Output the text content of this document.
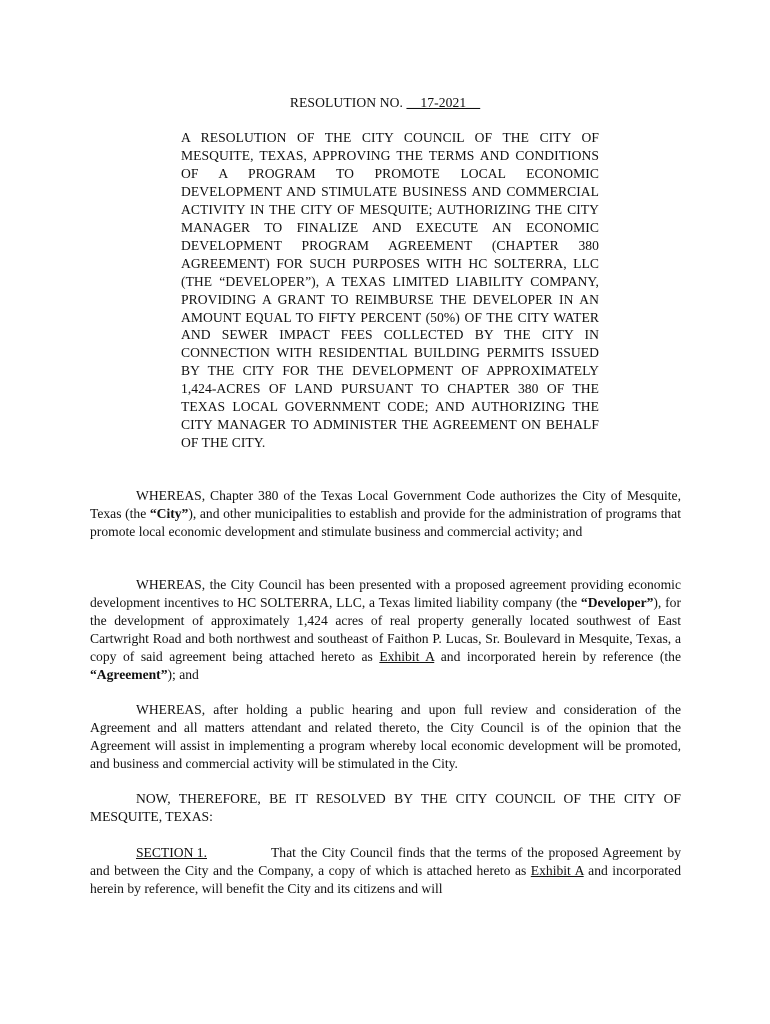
RESOLUTION NO. __17-2021__
A RESOLUTION OF THE CITY COUNCIL OF THE CITY OF MESQUITE, TEXAS, APPROVING THE TERMS AND CONDITIONS OF A PROGRAM TO PROMOTE LOCAL ECONOMIC DEVELOPMENT AND STIMULATE BUSINESS AND COMMERCIAL ACTIVITY IN THE CITY OF MESQUITE; AUTHORIZING THE CITY MANAGER TO FINALIZE AND EXECUTE AN ECONOMIC DEVELOPMENT PROGRAM AGREEMENT (CHAPTER 380 AGREEMENT) FOR SUCH PURPOSES WITH HC SOLTERRA, LLC (THE “DEVELOPER”), A TEXAS LIMITED LIABILITY COMPANY, PROVIDING A GRANT TO REIMBURSE THE DEVELOPER IN AN AMOUNT EQUAL TO FIFTY PERCENT (50%) OF THE CITY WATER AND SEWER IMPACT FEES COLLECTED BY THE CITY IN CONNECTION WITH RESIDENTIAL BUILDING PERMITS ISSUED BY THE CITY FOR THE DEVELOPMENT OF APPROXIMATELY 1,424-ACRES OF LAND PURSUANT TO CHAPTER 380 OF THE TEXAS LOCAL GOVERNMENT CODE; AND AUTHORIZING THE CITY MANAGER TO ADMINISTER THE AGREEMENT ON BEHALF OF THE CITY.

WHEREAS, Chapter 380 of the Texas Local Government Code authorizes the City of Mesquite, Texas (the “City”), and other municipalities to establish and provide for the administration of programs that promote local economic development and stimulate business and commercial activity; and

WHEREAS, the City Council has been presented with a proposed agreement providing economic development incentives to HC SOLTERRA, LLC, a Texas limited liability company (the “Developer”), for the development of approximately 1,424 acres of real property generally located southwest of East Cartwright Road and both northwest and southeast of Faithon P. Lucas, Sr. Boulevard in Mesquite, Texas, a copy of said agreement being attached hereto as Exhibit A and incorporated herein by reference (the “Agreement”); and

WHEREAS, after holding a public hearing and upon full review and consideration of the Agreement and all matters attendant and related thereto, the City Council is of the opinion that the Agreement will assist in implementing a program whereby local economic development will be promoted, and business and commercial activity will be stimulated in the City.

NOW, THEREFORE, BE IT RESOLVED BY THE CITY COUNCIL OF THE CITY OF MESQUITE, TEXAS:

SECTION 1.	That the City Council finds that the terms of the proposed Agreement by and between the City and the Company, a copy of which is attached hereto as Exhibit A and incorporated herein by reference, will benefit the City and its citizens and will
